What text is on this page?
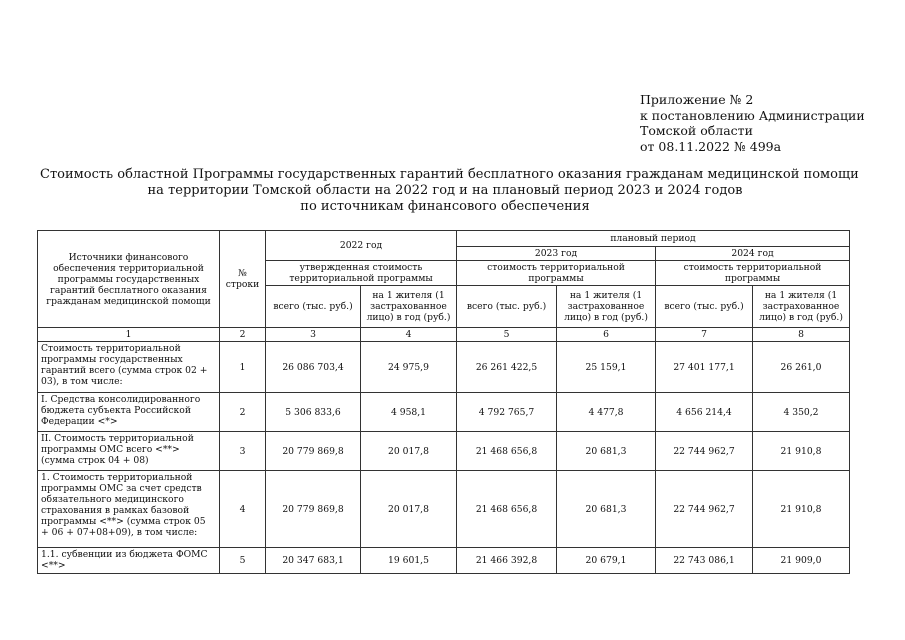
Приложение № 2
к постановлению Администрации
Томской области
от 08.11.2022 № 499а
Стоимость областной Программы государственных гарантий бесплатного оказания гражданам медицинской помощи
на территории Томской области на 2022 год и на плановый период 2023 и 2024 годов
по источникам финансового обеспечения
Источники финансового обеспечения территориальной программы государственных гарантий бесплатного оказания гражданам медицинской помощи	№ строки	2022 год		плановый период			
				2023 год		2024 год	
		утвержденная стоимость территориальной программы		стоимость территориальной программы		стоимость территориальной программы	
		всего (тыс. руб.)	на 1 жителя (1 застрахованное лицо) в год (руб.)	всего (тыс. руб.)	на 1 жителя (1 застрахованное лицо) в год (руб.)	всего (тыс. руб.)	на 1 жителя (1 застрахованное лицо) в год (руб.)
1	2	3	4	5	6	7	8
Стоимость территориальной программы государственных гарантий всего (сумма строк 02 + 03), в том числе:	1	26 086 703,4	24 975,9	26 261 422,5	25 159,1	27 401 177,1	26 261,0
I. Средства консолидированного бюджета субъекта Российской Федерации <*>	2	5 306 833,6	4 958,1	4 792 765,7	4 477,8	4 656 214,4	4 350,2
II. Стоимость территориальной программы ОМС всего <**> (сумма строк 04 + 08)	3	20 779 869,8	20 017,8	21 468 656,8	20 681,3	22 744 962,7	21 910,8
1. Стоимость территориальной программы ОМС за счет средств обязательного медицинского страхования в рамках базовой программы <**> (сумма строк 05 + 06 + 07+08+09), в том числе:	4	20 779 869,8	20 017,8	21 468 656,8	20 681,3	22 744 962,7	21 910,8
1.1. субвенции из бюджета ФОМС <**>	5	20 347 683,1	19 601,5	21 466 392,8	20 679,1	22 743 086,1	21 909,0
